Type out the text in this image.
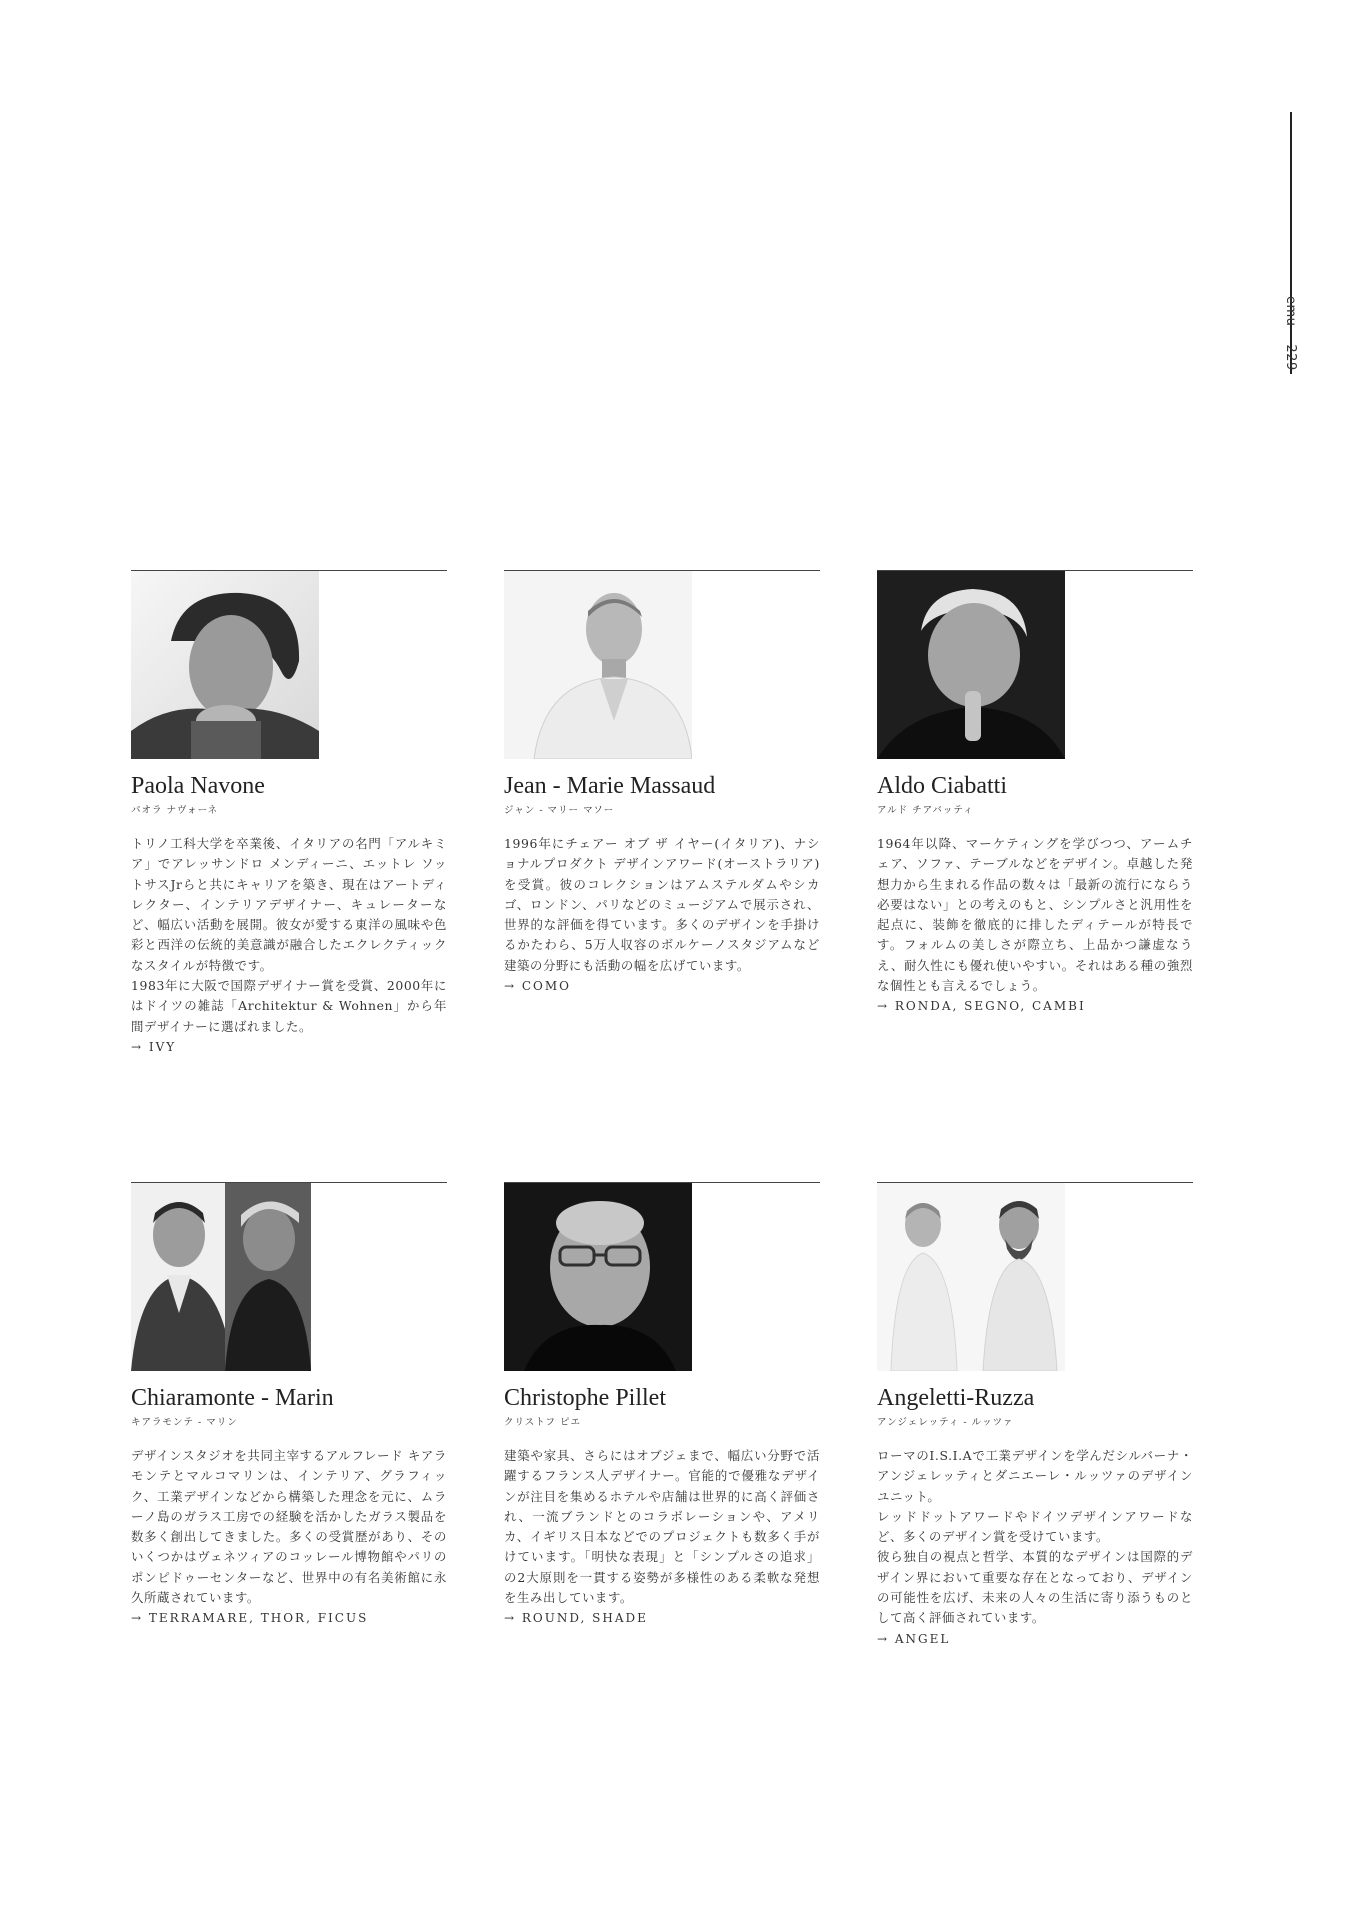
emu229
Paola Navone
パオラ ナヴォーネ
トリノ工科大学を卒業後、イタリアの名門「アルキミア」でアレッサンドロ メンディーニ、エットレ ソットサスJrらと共にキャリアを築き、現在はアートディレクター、インテリアデザイナー、キュレーターなど、幅広い活動を展開。彼女が愛する東洋の風味や色彩と西洋の伝統的美意識が融合したエクレクティックなスタイルが特徴です。
1983年に大阪で国際デザイナー賞を受賞、2000年にはドイツの雑誌「Architektur & Wohnen」から年間デザイナーに選ばれました。
→ IVY
Jean - Marie Massaud
ジャン - マリー マソー
1996年にチェアー オブ ザ イヤー(イタリア)、ナショナルプロダクト デザインアワード(オーストラリア)を受賞。彼のコレクションはアムステルダムやシカゴ、ロンドン、パリなどのミュージアムで展示され、世界的な評価を得ています。多くのデザインを手掛けるかたわら、5万人収容のボルケーノスタジアムなど建築の分野にも活動の幅を広げています。
→ COMO
Aldo Ciabatti
アルド チアバッティ
1964年以降、マーケティングを学びつつ、アームチェア、ソファ、テーブルなどをデザイン。卓越した発想力から生まれる作品の数々は「最新の流行にならう必要はない」との考えのもと、シンプルさと汎用性を起点に、装飾を徹底的に排したディテールが特長です。フォルムの美しさが際立ち、上品かつ謙虚なうえ、耐久性にも優れ使いやすい。それはある種の強烈な個性とも言えるでしょう。
→ RONDA, SEGNO, CAMBI
Chiaramonte - Marin
キアラモンテ - マリン
デザインスタジオを共同主宰するアルフレード キアラモンテとマルコマリンは、インテリア、グラフィック、工業デザインなどから構築した理念を元に、ムラーノ島のガラス工房での経験を活かしたガラス製品を数多く創出してきました。多くの受賞歴があり、そのいくつかはヴェネツィアのコッレール博物館やパリのポンピドゥーセンターなど、世界中の有名美術館に永久所蔵されています。
→ TERRAMARE, THOR, FICUS
Christophe Pillet
クリストフ ピエ
建築や家具、さらにはオブジェまで、幅広い分野で活躍するフランス人デザイナー。官能的で優雅なデザインが注目を集めるホテルや店舗は世界的に高く評価され、一流ブランドとのコラボレーションや、アメリカ、イギリス日本などでのプロジェクトも数多く手がけています。「明快な表現」と「シンプルさの追求」の2大原則を一貫する姿勢が多様性のある柔軟な発想を生み出しています。
→ ROUND, SHADE
Angeletti-Ruzza
アンジェレッティ - ルッツァ
ローマのI.S.I.Aで工業デザインを学んだシルバーナ・アンジェレッティとダニエーレ・ルッツァのデザインユニット。
レッドドットアワードやドイツデザインアワードなど、多くのデザイン賞を受けています。
彼ら独自の視点と哲学、本質的なデザインは国際的デザイン界において重要な存在となっており、デザインの可能性を広げ、未来の人々の生活に寄り添うものとして高く評価されています。
→ ANGEL
